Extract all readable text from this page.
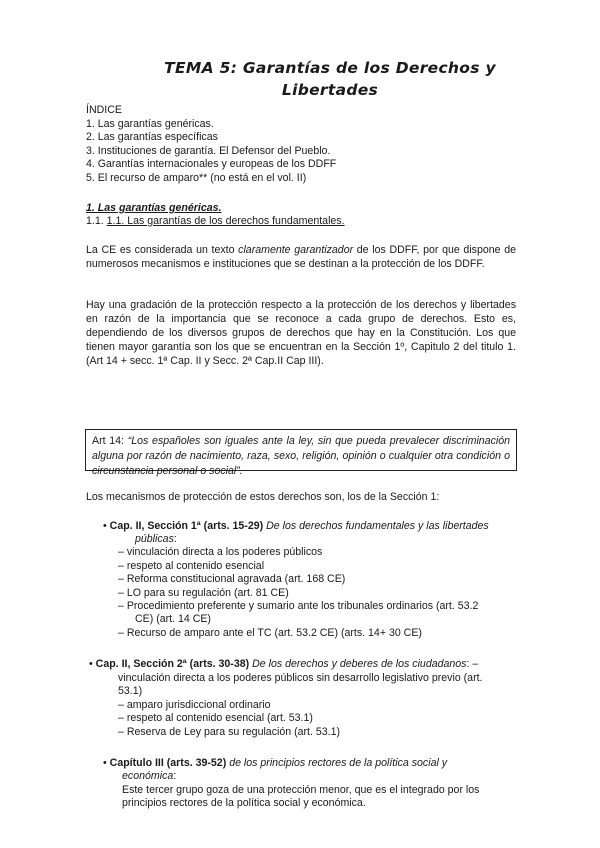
TEMA 5: Garantías de los Derechos y
Libertades
ÍNDICE
1. Las garantías genéricas.
2. Las garantías específicas
3. Instituciones de garantía. El Defensor del Pueblo.
4. Garantías internacionales y europeas de los DDFF
5. El recurso de amparo** (no está en el vol. II)
1. Las garantías genéricas.
1.1. 1.1. Las garantías de los derechos fundamentales.
La CE es considerada un texto claramente garantizador de los DDFF, por que dispone de numerosos mecanismos e instituciones que se destinan a la protección de los DDFF.
Hay una gradación de la protección respecto a la protección de los derechos y libertades en razón de la importancia que se reconoce a cada grupo de derechos. Esto es, dependiendo de los diversos grupos de derechos que hay en la Constitución. Los que tienen mayor garantía son los que se encuentran en la Sección 1º, Capitulo 2 del titulo 1. (Art 14 + secc. 1ª Cap. II y Secc. 2ª Cap.II Cap III).
Art 14: “Los españoles son iguales ante la ley, sin que pueda prevalecer discriminación alguna por razón de nacimiento, raza, sexo, religión, opinión o cualquier otra condición o circunstancia personal o social”.
Los mecanismos de protección de estos derechos son, los de la Sección 1:
• Cap. II, Sección 1ª (arts. 15-29) De los derechos fundamentales y las libertades
públicas:
– vinculación directa a los poderes públicos
– respeto al contenido esencial
– Reforma constitucional agravada (art. 168 CE)
– LO para su regulación (art. 81 CE)
– Procedimiento preferente y sumario ante los tribunales ordinarios (art. 53.2
CE) (art. 14 CE)
– Recurso de amparo ante el TC (art. 53.2 CE) (arts. 14+ 30 CE)
• Cap. II, Sección 2ª (arts. 30-38) De los derechos y deberes de los ciudadanos: –
vinculación directa a los poderes públicos sin desarrollo legislativo previo (art.
53.1)
– amparo jurisdiccional ordinario
– respeto al contenido esencial (art. 53.1)
– Reserva de Ley para su regulación (art. 53.1)
• Capítulo III (arts. 39-52) de los principios rectores de la política social y
económica:
Este tercer grupo goza de una protección menor, que es el integrado por los
principios rectores de la política social y económica.
